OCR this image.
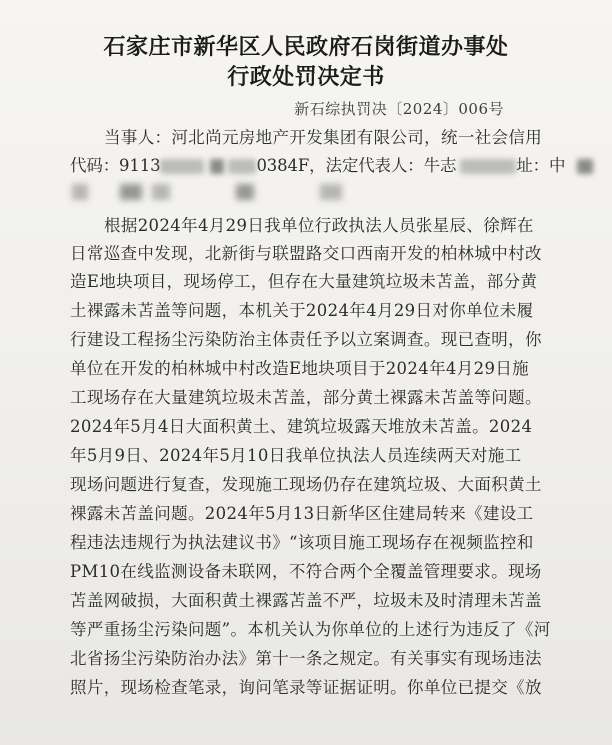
石家庄市新华区人民政府石岗街道办事处
行政处罚决定书
新石综执罚决〔2024〕006号
当事人：河北尚元房地产开发集团有限公司，统一社会信用
代码：9113	0384F，法定代表人：牛志	址：中
根据2024年4月29日我单位行政执法人员张星辰、徐辉在
日常巡查中发现，北新街与联盟路交口西南开发的柏林城中村改
造E地块项目，现场停工，但存在大量建筑垃圾未苫盖，部分黄
土裸露未苫盖等问题，本机关于2024年4月29日对你单位未履
行建设工程扬尘污染防治主体责任予以立案调查。现已查明，你
单位在开发的柏林城中村改造E地块项目于2024年4月29日施
工现场存在大量建筑垃圾未苫盖，部分黄土裸露未苫盖等问题。
2024年5月4日大面积黄土、建筑垃圾露天堆放未苫盖。2024
年5月9日、2024年5月10日我单位执法人员连续两天对施工
现场问题进行复查，发现施工现场仍存在建筑垃圾、大面积黄土
裸露未苫盖问题。2024年5月13日新华区住建局转来《建设工
程违法违规行为执法建议书》“该项目施工现场存在视频监控和
PM10在线监测设备未联网，不符合两个全覆盖管理要求。现场
苫盖网破损，大面积黄土裸露苫盖不严，垃圾未及时清理未苫盖
等严重扬尘污染问题”。本机关认为你单位的上述行为违反了《河
北省扬尘污染防治办法》第十一条之规定。有关事实有现场违法
照片，现场检查笔录，询问笔录等证据证明。你单位已提交《放
